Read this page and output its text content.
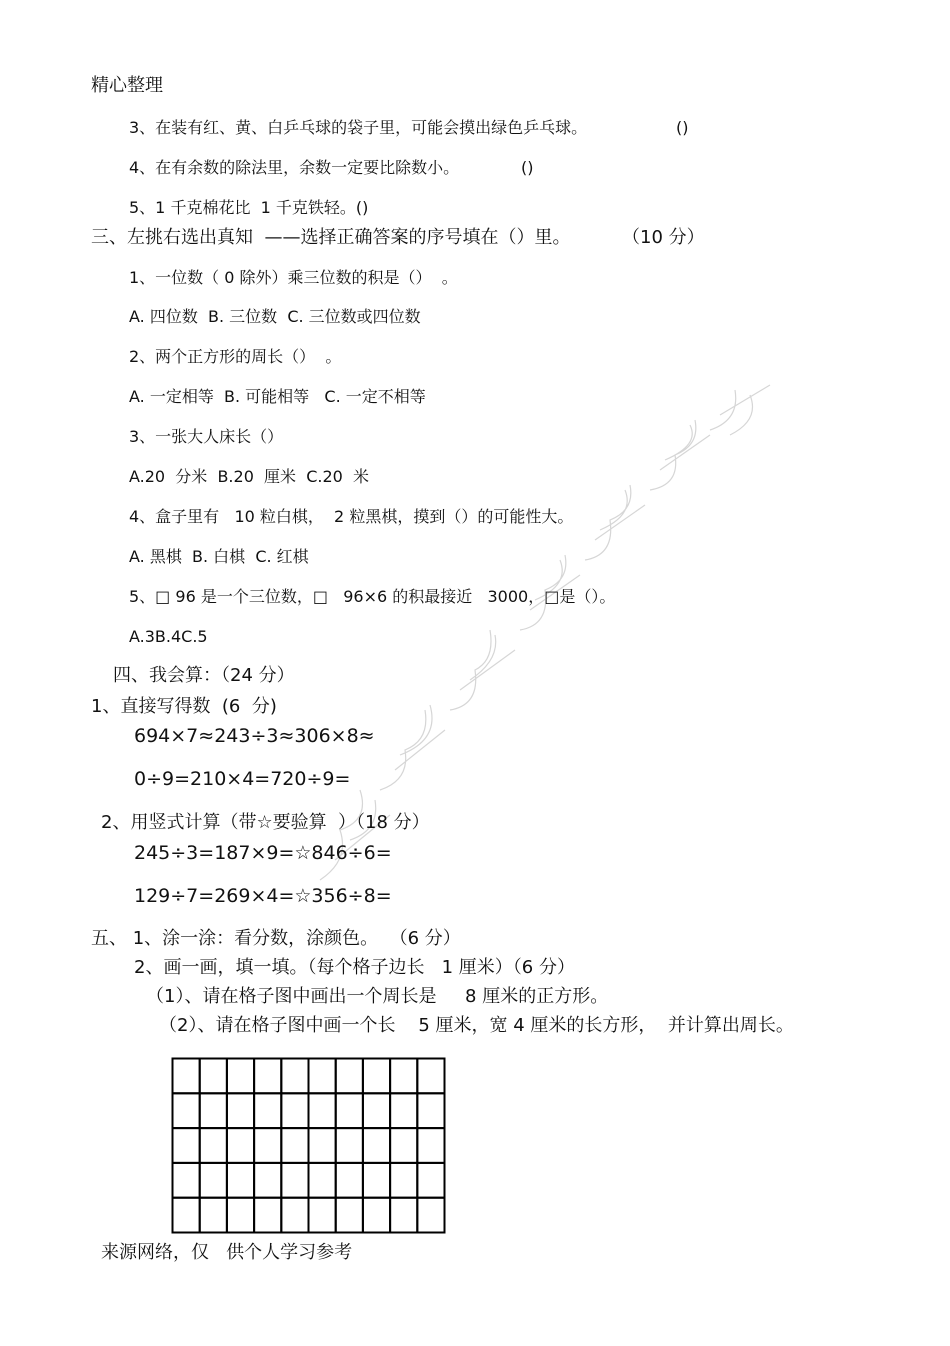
精心整理
3、在装有红、黄、白乒乓球的袋子里，可能会摸出绿色乒乓球。	()
4、在有余数的除法里，余数一定要比除数小。	()
5、1 千克棉花比  1 千克铁轻。()
三、左挑右选出真知  ——选择正确答案的序号填在（）里。	（10 分）
1、一位数（ 0 除外）乘三位数的积是（）  。
A. 四位数  B. 三位数  C. 三位数或四位数
2、两个正方形的周长（）  。
A. 一定相等  B. 可能相等   C. 一定不相等
3、一张大人床长（）
A.20  分米  B.20  厘米  C.20  米
4、盒子里有   10 粒白棋，  2 粒黑棋，摸到（）的可能性大。
A. 黑棋  B. 白棋  C. 红棋
5、□ 96 是一个三位数，□   96×6 的积最接近   3000，□是（）。
A.3B.4C.5
四、我会算：（24 分）
1、直接写得数  (6  分)
694×7≈243÷3≈306×8≈
0÷9=210×4=720÷9=
2、用竖式计算（带☆要验算  ）（18 分）
245÷3=187×9=☆846÷6=
129÷7=269×4=☆356÷8=
五、 1、涂一涂：看分数，涂颜色。  （6 分）
2、画一画，填一填。（每个格子边长   1 厘米）（6 分）
（1）、请在格子图中画出一个周长是     8 厘米的正方形。
（2）、请在格子图中画一个长    5 厘米，宽 4 厘米的长方形，  并计算出周长。
来源网络，仅   供个人学习参考
